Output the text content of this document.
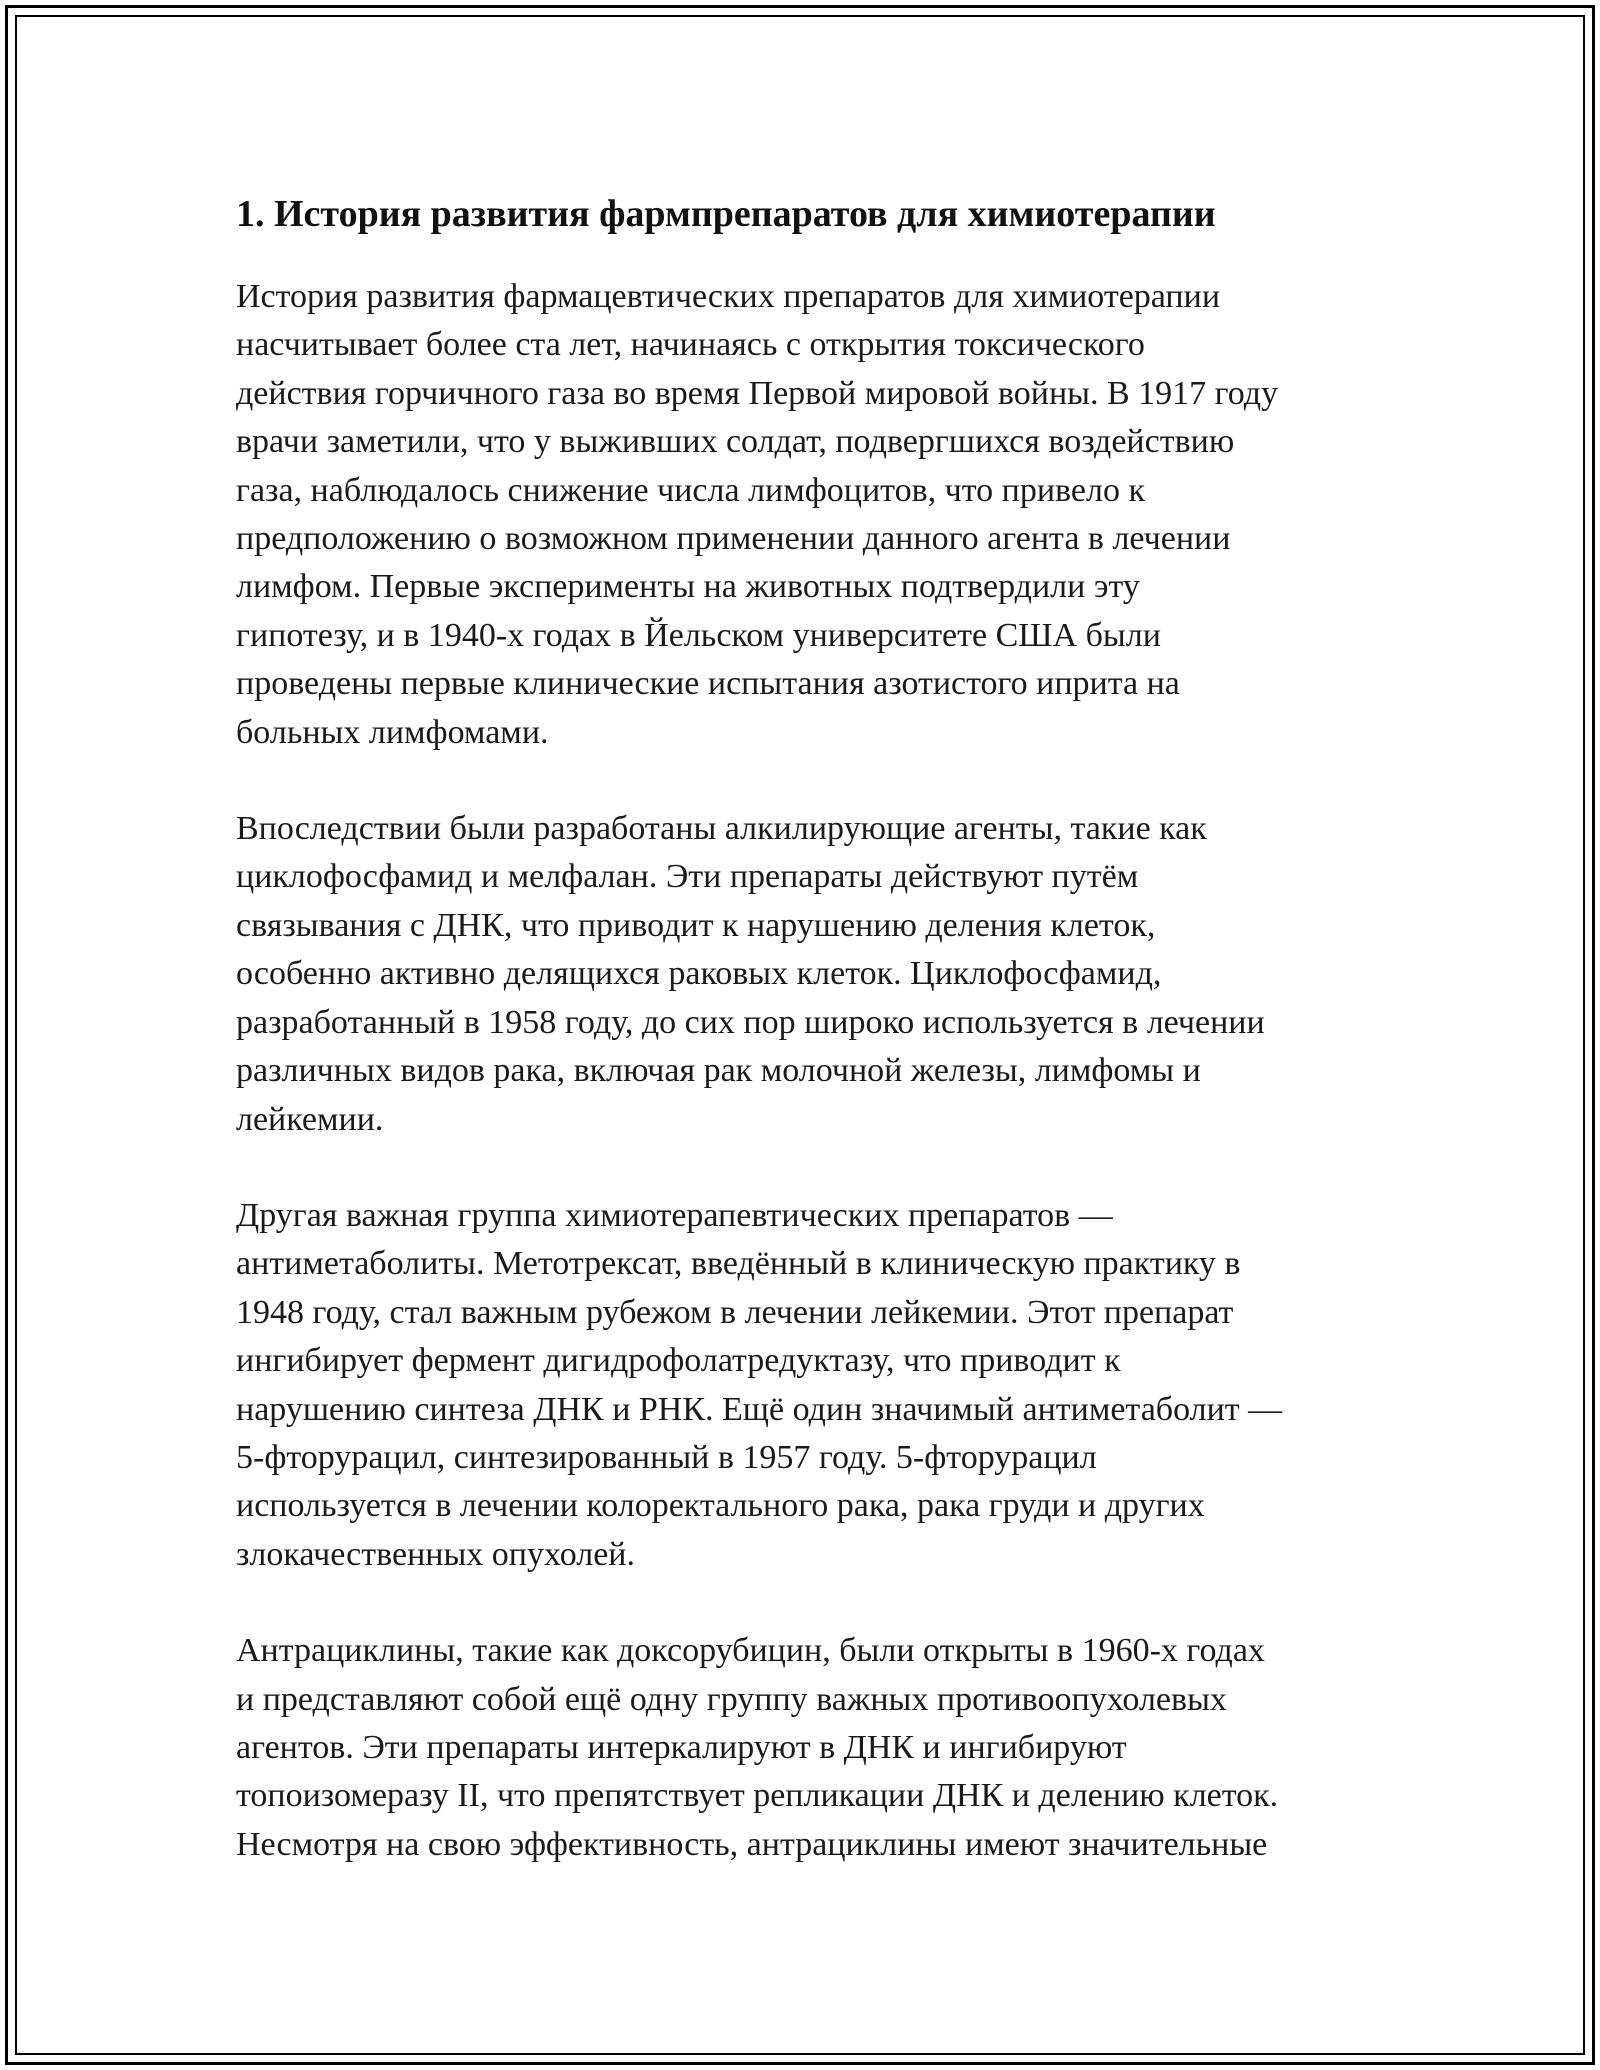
1. История развития фармпрепаратов для химиотерапии

История развития фармацевтических препаратов для химиотерапии
насчитывает более ста лет, начинаясь с открытия токсического
действия горчичного газа во время Первой мировой войны. В 1917 году
врачи заметили, что у выживших солдат, подвергшихся воздействию
газа, наблюдалось снижение числа лимфоцитов, что привело к
предположению о возможном применении данного агента в лечении
лимфом. Первые эксперименты на животных подтвердили эту
гипотезу, и в 1940-х годах в Йельском университете США были
проведены первые клинические испытания азотистого иприта на
больных лимфомами.

Впоследствии были разработаны алкилирующие агенты, такие как
циклофосфамид и мелфалан. Эти препараты действуют путём
связывания с ДНК, что приводит к нарушению деления клеток,
особенно активно делящихся раковых клеток. Циклофосфамид,
разработанный в 1958 году, до сих пор широко используется в лечении
различных видов рака, включая рак молочной железы, лимфомы и
лейкемии.

Другая важная группа химиотерапевтических препаратов —
антиметаболиты. Метотрексат, введённый в клиническую практику в
1948 году, стал важным рубежом в лечении лейкемии. Этот препарат
ингибирует фермент дигидрофолатредуктазу, что приводит к
нарушению синтеза ДНК и РНК. Ещё один значимый антиметаболит —
5-фторурацил, синтезированный в 1957 году. 5-фторурацил
используется в лечении колоректального рака, рака груди и других
злокачественных опухолей.

Антрациклины, такие как доксорубицин, были открыты в 1960-х годах
и представляют собой ещё одну группу важных противоопухолевых
агентов. Эти препараты интеркалируют в ДНК и ингибируют
топоизомеразу II, что препятствует репликации ДНК и делению клеток.
Несмотря на свою эффективность, антрациклины имеют значительные
